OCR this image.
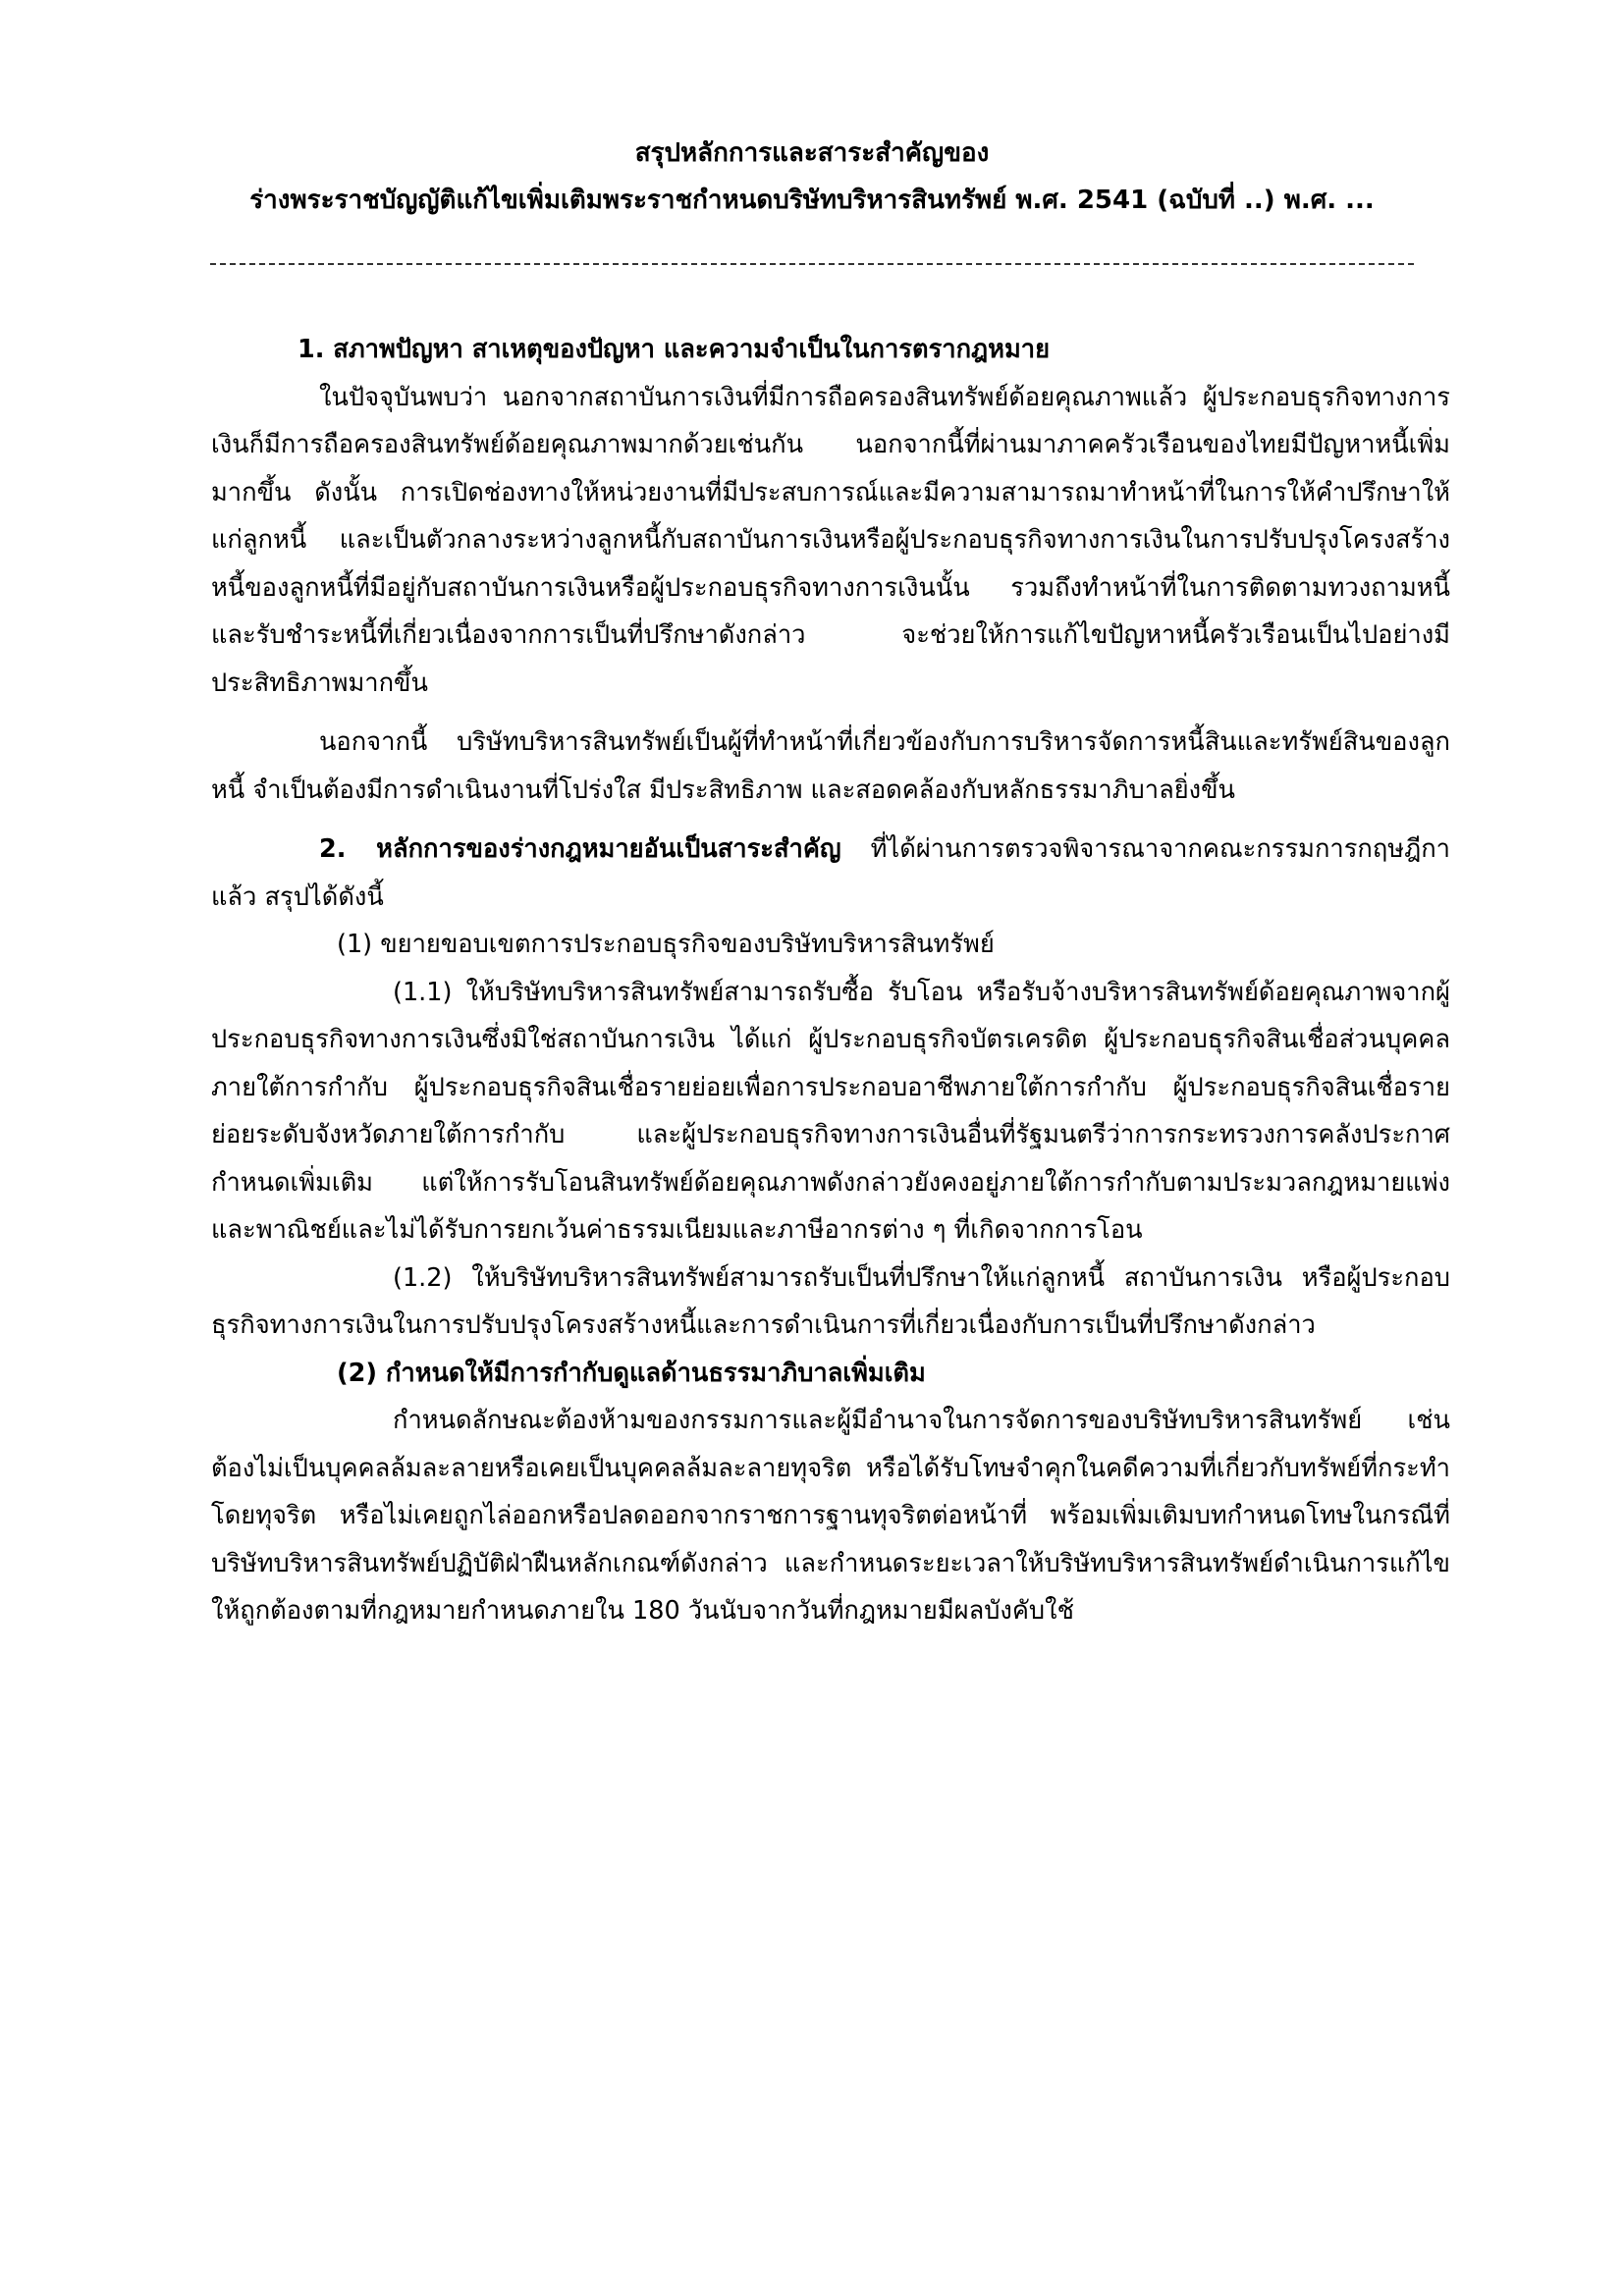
สรุปหลักการและสาระสำคัญของ
ร่างพระราชบัญญัติแก้ไขเพิ่มเติมพระราชกำหนดบริษัทบริหารสินทรัพย์ พ.ศ. 2541 (ฉบับที่ ..) พ.ศ. ...

1. สภาพปัญหา สาเหตุของปัญหา และความจำเป็นในการตรากฎหมาย

ในปัจจุบันพบว่า นอกจากสถาบันการเงินที่มีการถือครองสินทรัพย์ด้อยคุณภาพแล้ว ผู้ประกอบธุรกิจทางการเงินก็มีการถือครองสินทรัพย์ด้อยคุณภาพมากด้วยเช่นกัน นอกจากนี้ที่ผ่านมาภาคครัวเรือนของไทยมีปัญหาหนี้เพิ่มมากขึ้น ดังนั้น การเปิดช่องทางให้หน่วยงานที่มีประสบการณ์และมีความสามารถมาทำหน้าที่ในการให้คำปรึกษาให้แก่ลูกหนี้ และเป็นตัวกลางระหว่างลูกหนี้กับสถาบันการเงินหรือผู้ประกอบธุรกิจทางการเงินในการปรับปรุงโครงสร้างหนี้ของลูกหนี้ที่มีอยู่กับสถาบันการเงินหรือผู้ประกอบธุรกิจทางการเงินนั้น รวมถึงทำหน้าที่ในการติดตามทวงถามหนี้และรับชำระหนี้ที่เกี่ยวเนื่องจากการเป็นที่ปรึกษาดังกล่าว จะช่วยให้การแก้ไขปัญหาหนี้ครัวเรือนเป็นไปอย่างมีประสิทธิภาพมากขึ้น

นอกจากนี้ บริษัทบริหารสินทรัพย์เป็นผู้ที่ทำหน้าที่เกี่ยวข้องกับการบริหารจัดการหนี้สินและทรัพย์สินของลูกหนี้ จำเป็นต้องมีการดำเนินงานที่โปร่งใส มีประสิทธิภาพ และสอดคล้องกับหลักธรรมาภิบาลยิ่งขึ้น

2. หลักการของร่างกฎหมายอันเป็นสาระสำคัญ ที่ได้ผ่านการตรวจพิจารณาจากคณะกรรมการกฤษฎีกาแล้ว สรุปได้ดังนี้

(1) ขยายขอบเขตการประกอบธุรกิจของบริษัทบริหารสินทรัพย์

(1.1) ให้บริษัทบริหารสินทรัพย์สามารถรับซื้อ รับโอน หรือรับจ้างบริหารสินทรัพย์ด้อยคุณภาพจากผู้ประกอบธุรกิจทางการเงินซึ่งมิใช่สถาบันการเงิน ได้แก่ ผู้ประกอบธุรกิจบัตรเครดิต ผู้ประกอบธุรกิจสินเชื่อส่วนบุคคลภายใต้การกำกับ ผู้ประกอบธุรกิจสินเชื่อรายย่อยเพื่อการประกอบอาชีพภายใต้การกำกับ ผู้ประกอบธุรกิจสินเชื่อรายย่อยระดับจังหวัดภายใต้การกำกับ และผู้ประกอบธุรกิจทางการเงินอื่นที่รัฐมนตรีว่าการกระทรวงการคลังประกาศกำหนดเพิ่มเติม แต่ให้การรับโอนสินทรัพย์ด้อยคุณภาพดังกล่าวยังคงอยู่ภายใต้การกำกับตามประมวลกฎหมายแพ่งและพาณิชย์และไม่ได้รับการยกเว้นค่าธรรมเนียมและภาษีอากรต่าง ๆ ที่เกิดจากการโอน

(1.2) ให้บริษัทบริหารสินทรัพย์สามารถรับเป็นที่ปรึกษาให้แก่ลูกหนี้ สถาบันการเงิน หรือผู้ประกอบธุรกิจทางการเงินในการปรับปรุงโครงสร้างหนี้และการดำเนินการที่เกี่ยวเนื่องกับการเป็นที่ปรึกษาดังกล่าว

(2) กำหนดให้มีการกำกับดูแลด้านธรรมาภิบาลเพิ่มเติม

กำหนดลักษณะต้องห้ามของกรรมการและผู้มีอำนาจในการจัดการของบริษัทบริหารสินทรัพย์ เช่น ต้องไม่เป็นบุคคลล้มละลายหรือเคยเป็นบุคคลล้มละลายทุจริต หรือได้รับโทษจำคุกในคดีความที่เกี่ยวกับทรัพย์ที่กระทำโดยทุจริต หรือไม่เคยถูกไล่ออกหรือปลดออกจากราชการฐานทุจริตต่อหน้าที่ พร้อมเพิ่มเติมบทกำหนดโทษในกรณีที่บริษัทบริหารสินทรัพย์ปฏิบัติฝ่าฝืนหลักเกณฑ์ดังกล่าว และกำหนดระยะเวลาให้บริษัทบริหารสินทรัพย์ดำเนินการแก้ไขให้ถูกต้องตามที่กฎหมายกำหนดภายใน 180 วันนับจากวันที่กฎหมายมีผลบังคับใช้
